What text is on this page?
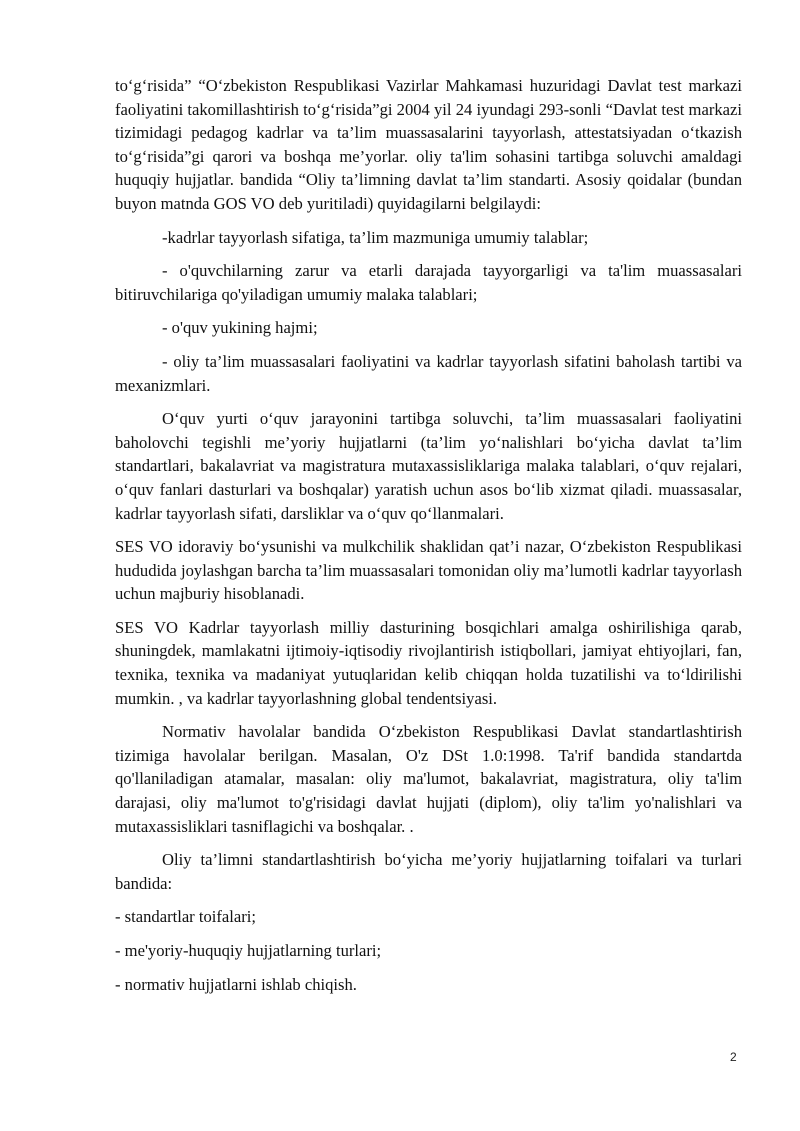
to‘g‘risida” “O‘zbekiston Respublikasi Vazirlar Mahkamasi huzuridagi Davlat test markazi faoliyatini takomillashtirish to‘g‘risida”gi 2004 yil 24 iyundagi 293-sonli “Davlat test markazi tizimidagi pedagog kadrlar va ta’lim muassasalarini tayyorlash, attestatsiyadan o‘tkazish to‘g‘risida”gi qarori va boshqa me’yorlar. oliy ta'lim sohasini tartibga soluvchi amaldagi huquqiy hujjatlar. bandida “Oliy ta’limning davlat ta’lim standarti. Asosiy qoidalar (bundan buyon matnda GOS VO deb yuritiladi) quyidagilarni belgilaydi:

-kadrlar tayyorlash sifatiga, ta’lim mazmuniga umumiy talablar;

- o'quvchilarning zarur va etarli darajada tayyorgarligi va ta'lim muassasalari bitiruvchilariga qo'yiladigan umumiy malaka talablari;

- o'quv yukining hajmi;

- oliy ta’lim muassasalari faoliyatini va kadrlar tayyorlash sifatini baholash tartibi va mexanizmlari.

O‘quv yurti o‘quv jarayonini tartibga soluvchi, ta’lim muassasalari faoliyatini baholovchi tegishli me’yoriy hujjatlarni (ta’lim yo‘nalishlari bo‘yicha davlat ta’lim standartlari, bakalavriat va magistratura mutaxassisliklariga malaka talablari, o‘quv rejalari, o‘quv fanlari dasturlari va boshqalar) yaratish uchun asos bo‘lib xizmat qiladi. muassasalar, kadrlar tayyorlash sifati, darsliklar va o‘quv qo‘llanmalari.

SES VO idoraviy bo‘ysunishi va mulkchilik shaklidan qat’i nazar, O‘zbekiston Respublikasi hududida joylashgan barcha ta’lim muassasalari tomonidan oliy ma’lumotli kadrlar tayyorlash uchun majburiy hisoblanadi.

SES VO Kadrlar tayyorlash milliy dasturining bosqichlari amalga oshirilishiga qarab, shuningdek, mamlakatni ijtimoiy-iqtisodiy rivojlantirish istiqbollari, jamiyat ehtiyojlari, fan, texnika, texnika va madaniyat yutuqlaridan kelib chiqqan holda tuzatilishi va to‘ldirilishi mumkin. , va kadrlar tayyorlashning global tendentsiyasi.

Normativ havolalar bandida O‘zbekiston Respublikasi Davlat standartlashtirish tizimiga havolalar berilgan. Masalan, O'z DSt 1.0:1998. Ta'rif bandida standartda qo'llaniladigan atamalar, masalan: oliy ma'lumot, bakalavriat, magistratura, oliy ta'lim darajasi, oliy ma'lumot to'g'risidagi davlat hujjati (diplom), oliy ta'lim yo'nalishlari va mutaxassisliklari tasniflagichi va boshqalar. .

Oliy ta’limni standartlashtirish bo‘yicha me’yoriy hujjatlarning toifalari va turlari bandida:

- standartlar toifalari;

- me'yoriy-huquqiy hujjatlarning turlari;

- normativ hujjatlarni ishlab chiqish.

2
